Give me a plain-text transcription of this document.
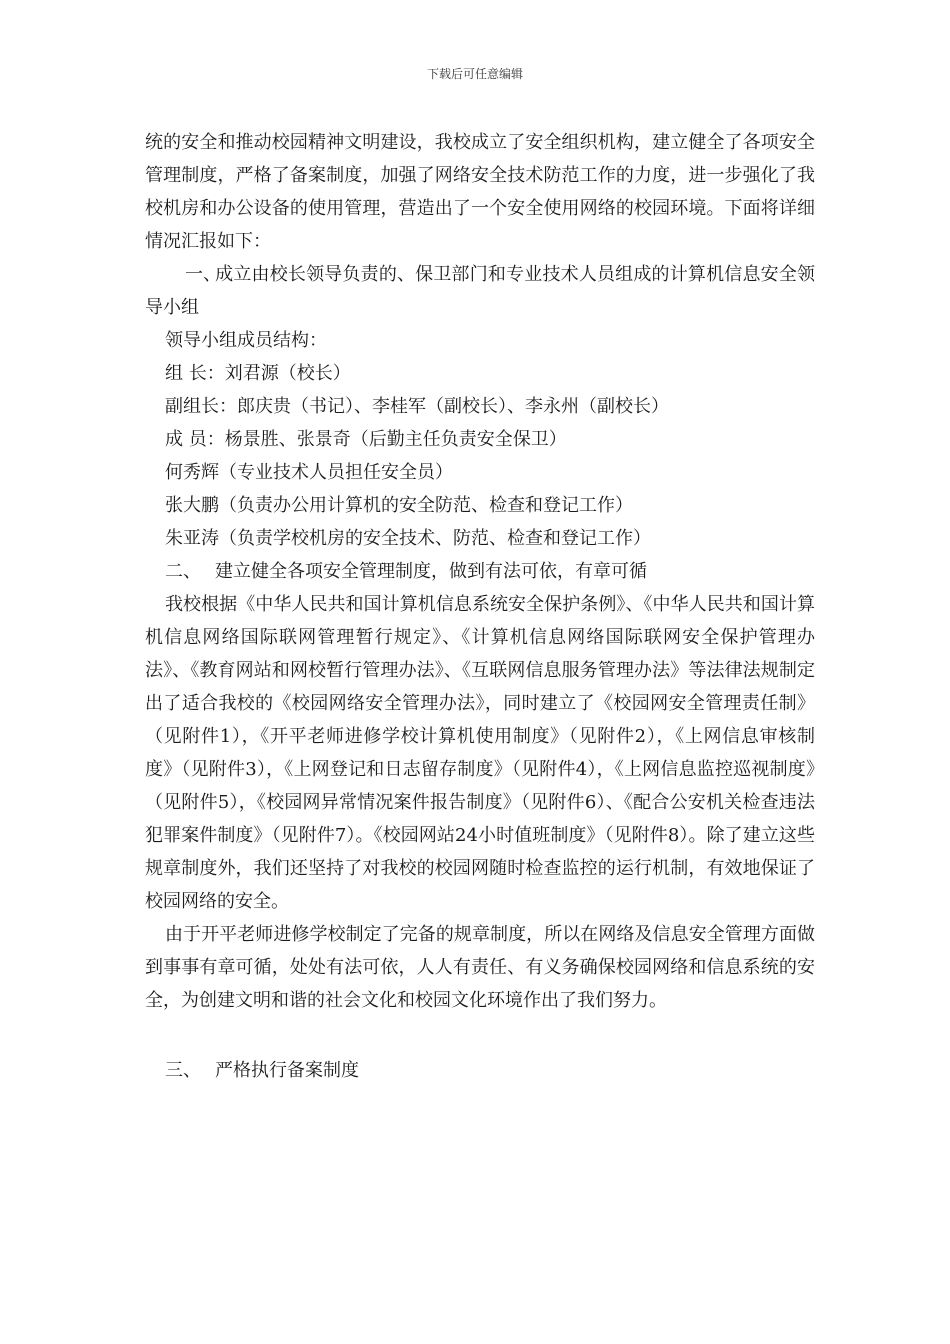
下载后可任意编辑

统的安全和推动校园精神文明建设，我校成立了安全组织机构，建立健全了各项安全管理制度，严格了备案制度，加强了网络安全技术防范工作的力度，进一步强化了我校机房和办公设备的使用管理，营造出了一个安全使用网络的校园环境。下面将详细情况汇报如下：

一、成立由校长领导负责的、保卫部门和专业技术人员组成的计算机信息安全领导小组

领导小组成员结构：

组 长：刘君源（校长）

副组长：郎庆贵（书记）、李桂军（副校长）、李永州（副校长）

成 员：杨景胜、张景奇（后勤主任负责安全保卫）

何秀辉（专业技术人员担任安全员）

张大鹏（负责办公用计算机的安全防范、检查和登记工作）

朱亚涛（负责学校机房的安全技术、防范、检查和登记工作）

二、 建立健全各项安全管理制度，做到有法可依，有章可循

我校根据《中华人民共和国计算机信息系统安全保护条例》、《中华人民共和国计算机信息网络国际联网管理暂行规定》、《计算机信息网络国际联网安全保护管理办法》、《教育网站和网校暂行管理办法》、《互联网信息服务管理办法》等法律法规制定出了适合我校的《校园网络安全管理办法》，同时建立了《校园网安全管理责任制》（见附件1），《开平老师进修学校计算机使用制度》（见附件2），《上网信息审核制度》（见附件3），《上网登记和日志留存制度》（见附件4），《上网信息监控巡视制度》（见附件5），《校园网异常情况案件报告制度》（见附件6）、《配合公安机关检查违法犯罪案件制度》（见附件7）。《校园网站24小时值班制度》（见附件8）。除了建立这些规章制度外，我们还坚持了对我校的校园网随时检查监控的运行机制，有效地保证了校园网络的安全。

由于开平老师进修学校制定了完备的规章制度，所以在网络及信息安全管理方面做到事事有章可循，处处有法可依，人人有责任、有义务确保校园网络和信息系统的安全，为创建文明和谐的社会文化和校园文化环境作出了我们努力。

三、 严格执行备案制度
